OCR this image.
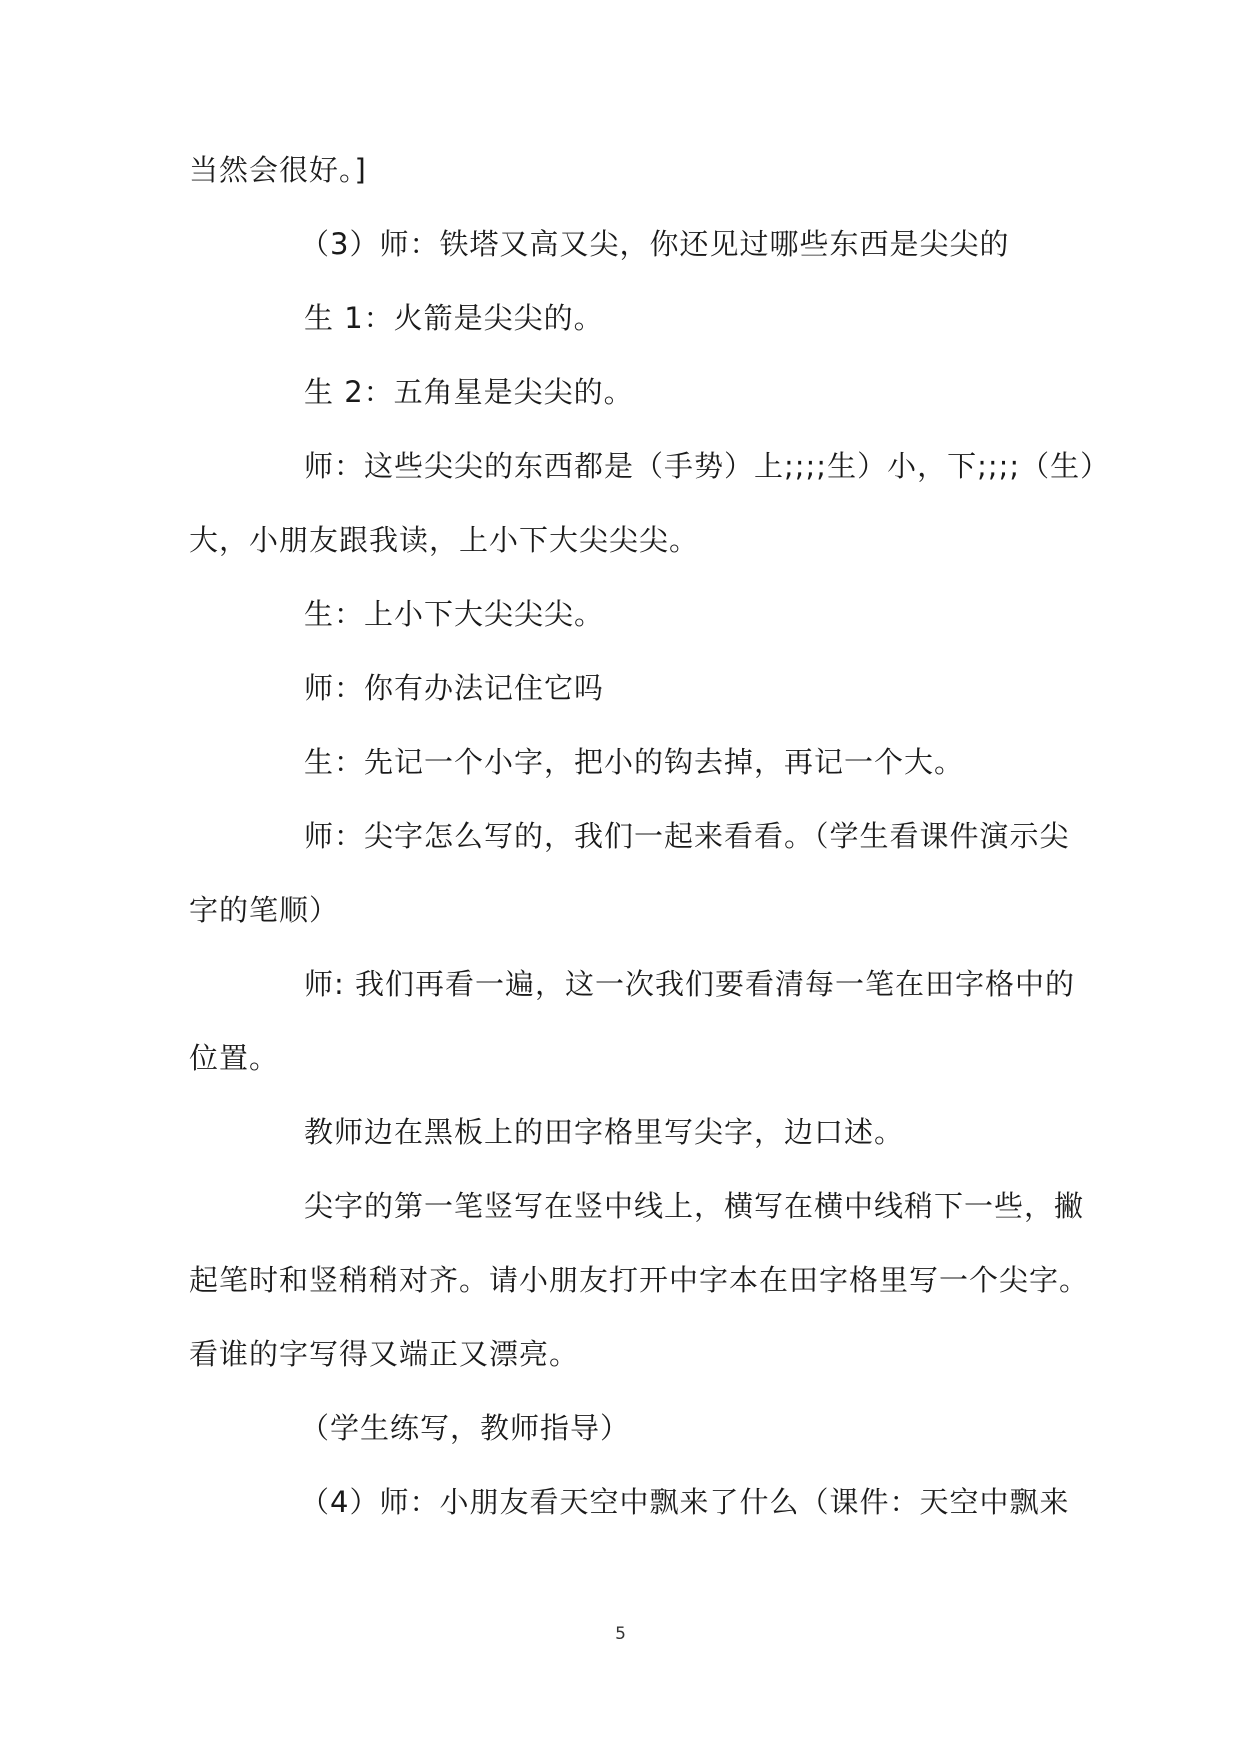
当然会很好。]
（3）师：铁塔又高又尖，你还见过哪些东西是尖尖的
生 1：火箭是尖尖的。
生 2：五角星是尖尖的。
师：这些尖尖的东西都是（手势）上;;;;生）小，下;;;;（生）
大，小朋友跟我读，上小下大尖尖尖。
生：上小下大尖尖尖。
师：你有办法记住它吗
生：先记一个小字，把小的钩去掉，再记一个大。
师：尖字怎么写的，我们一起来看看。（学生看课件演示尖
字的笔顺）
师: 我们再看一遍，这一次我们要看清每一笔在田字格中的
位置。
教师边在黑板上的田字格里写尖字，边口述。
尖字的第一笔竖写在竖中线上，横写在横中线稍下一些，撇
起笔时和竖稍稍对齐。请小朋友打开中字本在田字格里写一个尖字。
看谁的字写得又端正又漂亮。
（学生练写，教师指导）
（4）师：小朋友看天空中飘来了什么（课件：天空中飘来
5
